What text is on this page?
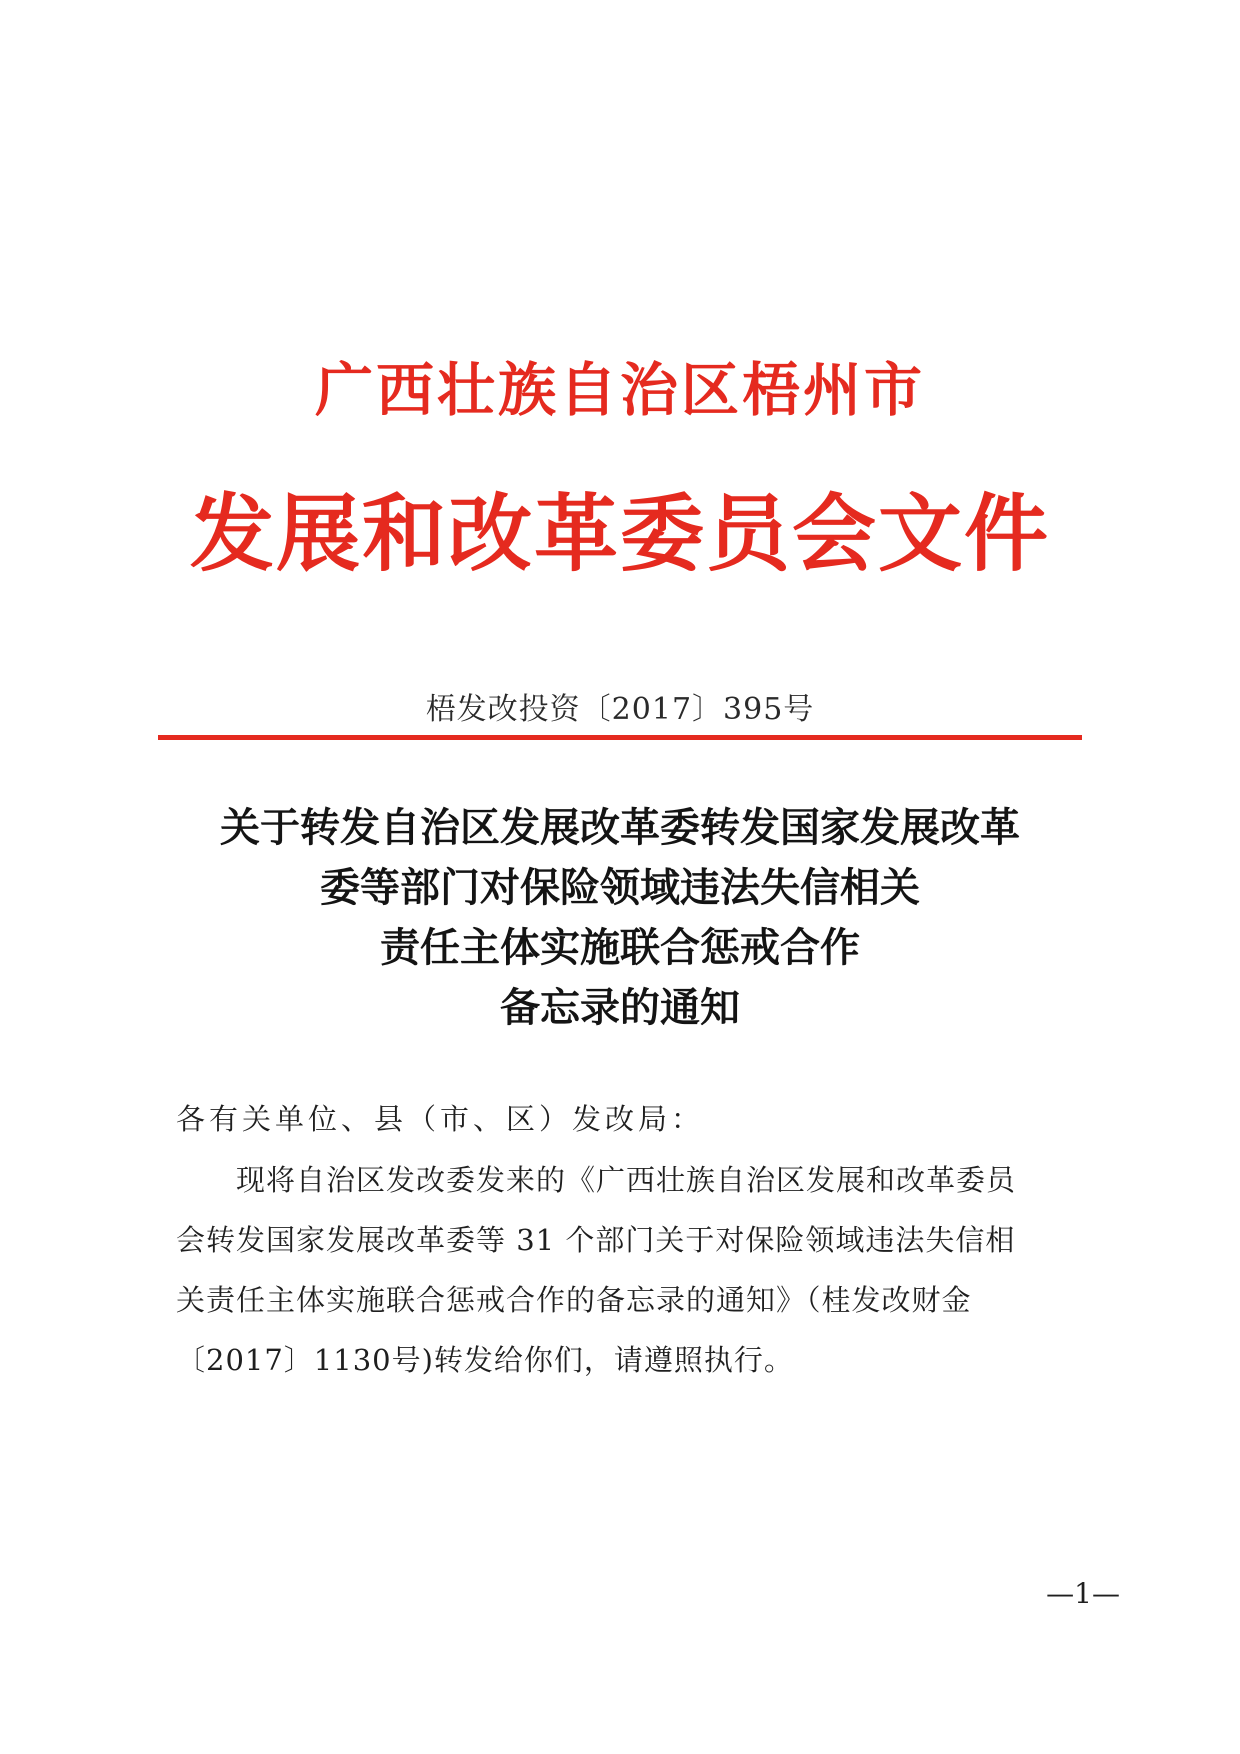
广西壮族自治区梧州市
发展和改革委员会文件
梧发改投资〔2017〕395号
关于转发自治区发展改革委转发国家发展改革
委等部门对保险领域违法失信相关
责任主体实施联合惩戒合作
备忘录的通知
各有关单位、县（市、区）发改局：
现将自治区发改委发来的《广西壮族自治区发展和改革委员
会转发国家发展改革委等 31 个部门关于对保险领域违法失信相
关责任主体实施联合惩戒合作的备忘录的通知》（桂发改财金
〔2017〕1130号)转发给你们，请遵照执行。
—1—
